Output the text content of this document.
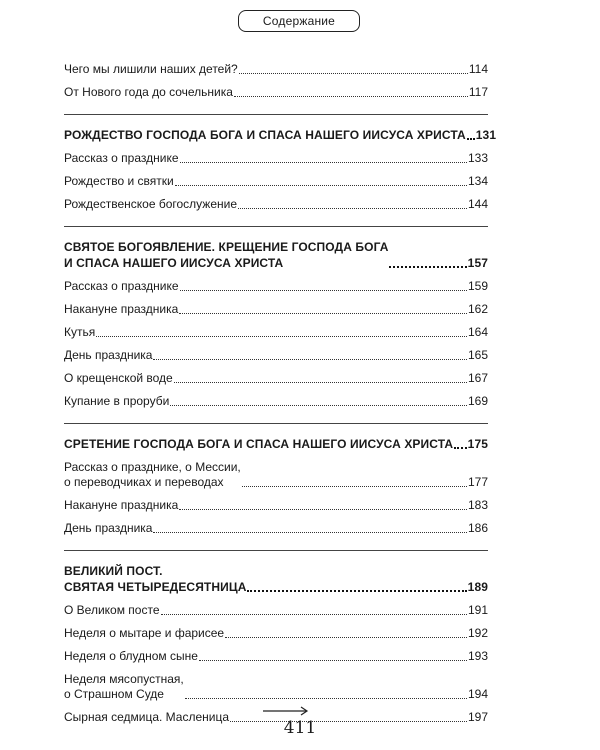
Содержание
Чего мы лишили наших детей?	114
От Нового года до сочельника	117
РОЖДЕСТВО ГОСПОДА БОГА И СПАСА НАШЕГО ИИСУСА ХРИСТА 131
Рассказ о празднике	133
Рождество и святки	134
Рождественское богослужение	144
СВЯТОЕ БОГОЯВЛЕНИЕ. КРЕЩЕНИЕ ГОСПОДА БОГА
И СПАСА НАШЕГО ИИСУСА ХРИСТА	157
Рассказ о празднике	159
Накануне праздника	162
Кутья	164
День праздника	165
О крещенской воде	167
Купание в проруби	169
СРЕТЕНИЕ ГОСПОДА БОГА И СПАСА НАШЕГО ИИСУСА ХРИСТА 175
Рассказ о празднике, о Мессии,
о переводчиках и переводах	177
Накануне праздника	183
День праздника	186
ВЕЛИКИЙ ПОСТ.
СВЯТАЯ ЧЕТЫРЕДЕСЯТНИЦА	189
О Великом посте	191
Неделя о мытаре и фарисее	192
Неделя о блудном сыне	193
Неделя мясопустная,
о Страшном Суде	194
Сырная седмица. Масленица	197
411
